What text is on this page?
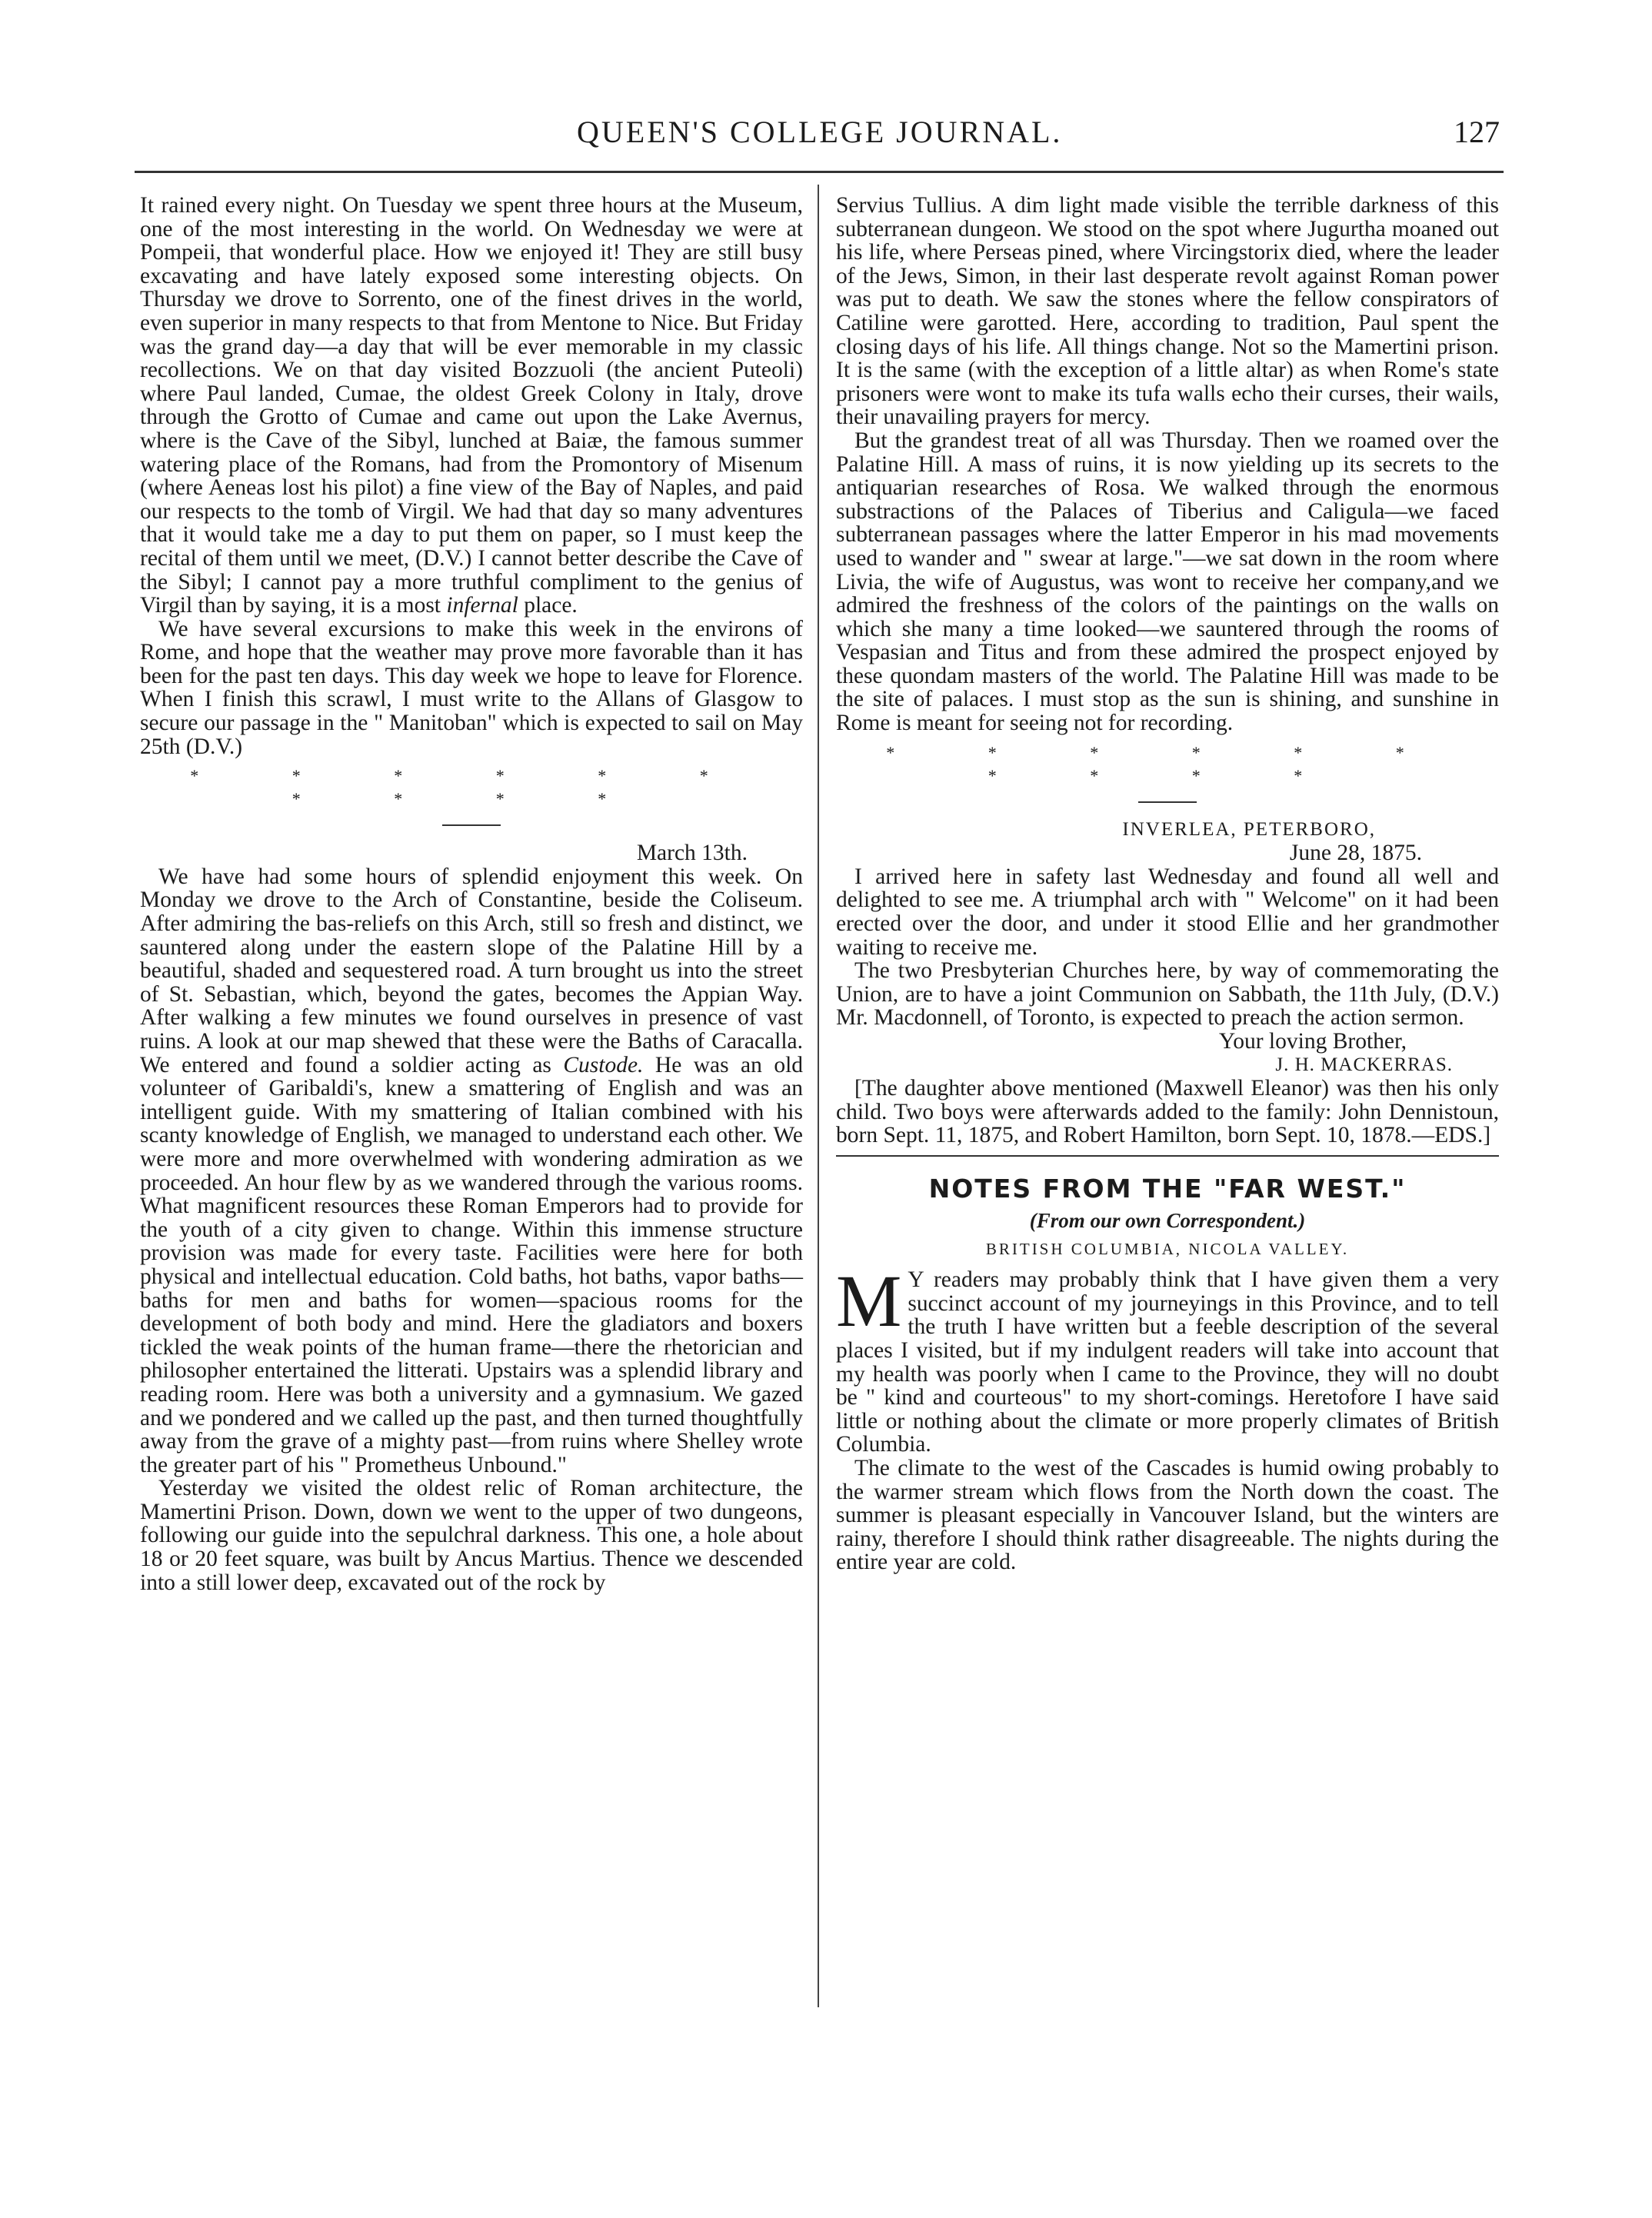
QUEEN'S COLLEGE JOURNAL.	127

It rained every night. On Tuesday we spent three hours at the Museum, one of the most interesting in the world. On Wednesday we were at Pompeii, that wonderful place. How we enjoyed it! They are still busy excavating and have lately exposed some interesting objects. On Thursday we drove to Sorrento, one of the finest drives in the world, even superior in many respects to that from Mentone to Nice. But Friday was the grand day—a day that will be ever memorable in my classic recollections. We on that day visited Bozzuoli (the ancient Puteoli) where Paul landed, Cumae, the oldest Greek Colony in Italy, drove through the Grotto of Cumae and came out upon the Lake Avernus, where is the Cave of the Sibyl, lunched at Baiæ, the famous summer watering place of the Romans, had from the Promontory of Misenum (where Aeneas lost his pilot) a fine view of the Bay of Naples, and paid our respects to the tomb of Virgil. We had that day so many adventures that it would take me a day to put them on paper, so I must keep the recital of them until we meet, (D.V.) I cannot better describe the Cave of the Sibyl; I cannot pay a more truthful compliment to the genius of Virgil than by saying, it is a most infernal place.

We have several excursions to make this week in the environs of Rome, and hope that the weather may prove more favorable than it has been for the past ten days. This day week we hope to leave for Florence. When I finish this scrawl, I must write to the Allans of Glasgow to secure our passage in the " Manitoban" which is expected to sail on May 25th (D.V.)

* * * * * * * * * *
March 13th.

We have had some hours of splendid enjoyment this week. On Monday we drove to the Arch of Constantine, beside the Coliseum. After admiring the bas-reliefs on this Arch, still so fresh and distinct, we sauntered along under the eastern slope of the Palatine Hill by a beautiful, shaded and sequestered road. A turn brought us into the street of St. Sebastian, which, beyond the gates, becomes the Appian Way. After walking a few minutes we found ourselves in presence of vast ruins. A look at our map shewed that these were the Baths of Caracalla. We entered and found a soldier acting as Custode. He was an old volunteer of Garibaldi's, knew a smattering of English and was an intelligent guide. With my smattering of Italian combined with his scanty knowledge of English, we managed to understand each other. We were more and more overwhelmed with wondering admiration as we proceeded. An hour flew by as we wandered through the various rooms. What magnificent resources these Roman Emperors had to provide for the youth of a city given to change. Within this immense structure provision was made for every taste. Facilities were here for both physical and intellectual education. Cold baths, hot baths, vapor baths—baths for men and baths for women—spacious rooms for the development of both body and mind. Here the gladiators and boxers tickled the weak points of the human frame—there the rhetorician and philosopher entertained the litterati. Upstairs was a splendid library and reading room. Here was both a university and a gymnasium. We gazed and we pondered and we called up the past, and then turned thoughtfully away from the grave of a mighty past—from ruins where Shelley wrote the greater part of his " Prometheus Unbound."

Yesterday we visited the oldest relic of Roman architecture, the Mamertini Prison. Down, down we went to the upper of two dungeons, following our guide into the sepulchral darkness. This one, a hole about 18 or 20 feet square, was built by Ancus Martius. Thence we descended into a still lower deep, excavated out of the rock by

Servius Tullius. A dim light made visible the terrible darkness of this subterranean dungeon. We stood on the spot where Jugurtha moaned out his life, where Perseas pined, where Vircingstorix died, where the leader of the Jews, Simon, in their last desperate revolt against Roman power was put to death. We saw the stones where the fellow conspirators of Catiline were garotted. Here, according to tradition, Paul spent the closing days of his life. All things change. Not so the Mamertini prison. It is the same (with the exception of a little altar) as when Rome's state prisoners were wont to make its tufa walls echo their curses, their wails, their unavailing prayers for mercy.

But the grandest treat of all was Thursday. Then we roamed over the Palatine Hill. A mass of ruins, it is now yielding up its secrets to the antiquarian researches of Rosa. We walked through the enormous substractions of the Palaces of Tiberius and Caligula—we faced subterranean passages where the latter Emperor in his mad movements used to wander and " swear at large."—we sat down in the room where Livia, the wife of Augustus, was wont to receive her company,and we admired the freshness of the colors of the paintings on the walls on which she many a time looked—we sauntered through the rooms of Vespasian and Titus and from these admired the prospect enjoyed by these quondam masters of the world. The Palatine Hill was made to be the site of palaces. I must stop as the sun is shining, and sunshine in Rome is meant for seeing not for recording.

* * * * * * * * * *
INVERLEA, PETERBORO,
June 28, 1875.

I arrived here in safety last Wednesday and found all well and delighted to see me. A triumphal arch with " Welcome" on it had been erected over the door, and under it stood Ellie and her grandmother waiting to receive me.

The two Presbyterian Churches here, by way of commemorating the Union, are to have a joint Communion on Sabbath, the 11th July, (D.V.) Mr. Macdonnell, of Toronto, is expected to preach the action sermon.

Your loving Brother,
J. H. MACKERRAS.

[The daughter above mentioned (Maxwell Eleanor) was then his only child. Two boys were afterwards added to the family: John Dennistoun, born Sept. 11, 1875, and Robert Hamilton, born Sept. 10, 1878.—EDS.]

NOTES FROM THE "FAR WEST."
(From our own Correspondent.)
BRITISH COLUMBIA, NICOLA VALLEY.

M Y readers may probably think that I have given them a very succinct account of my journeyings in this Province, and to tell the truth I have written but a feeble description of the several places I visited, but if my indulgent readers will take into account that my health was poorly when I came to the Province, they will no doubt be " kind and courteous" to my short-comings. Heretofore I have said little or nothing about the climate or more properly climates of British Columbia.

The climate to the west of the Cascades is humid owing probably to the warmer stream which flows from the North down the coast. The summer is pleasant especially in Vancouver Island, but the winters are rainy, therefore I should think rather disagreeable. The nights during the entire year are cold.
